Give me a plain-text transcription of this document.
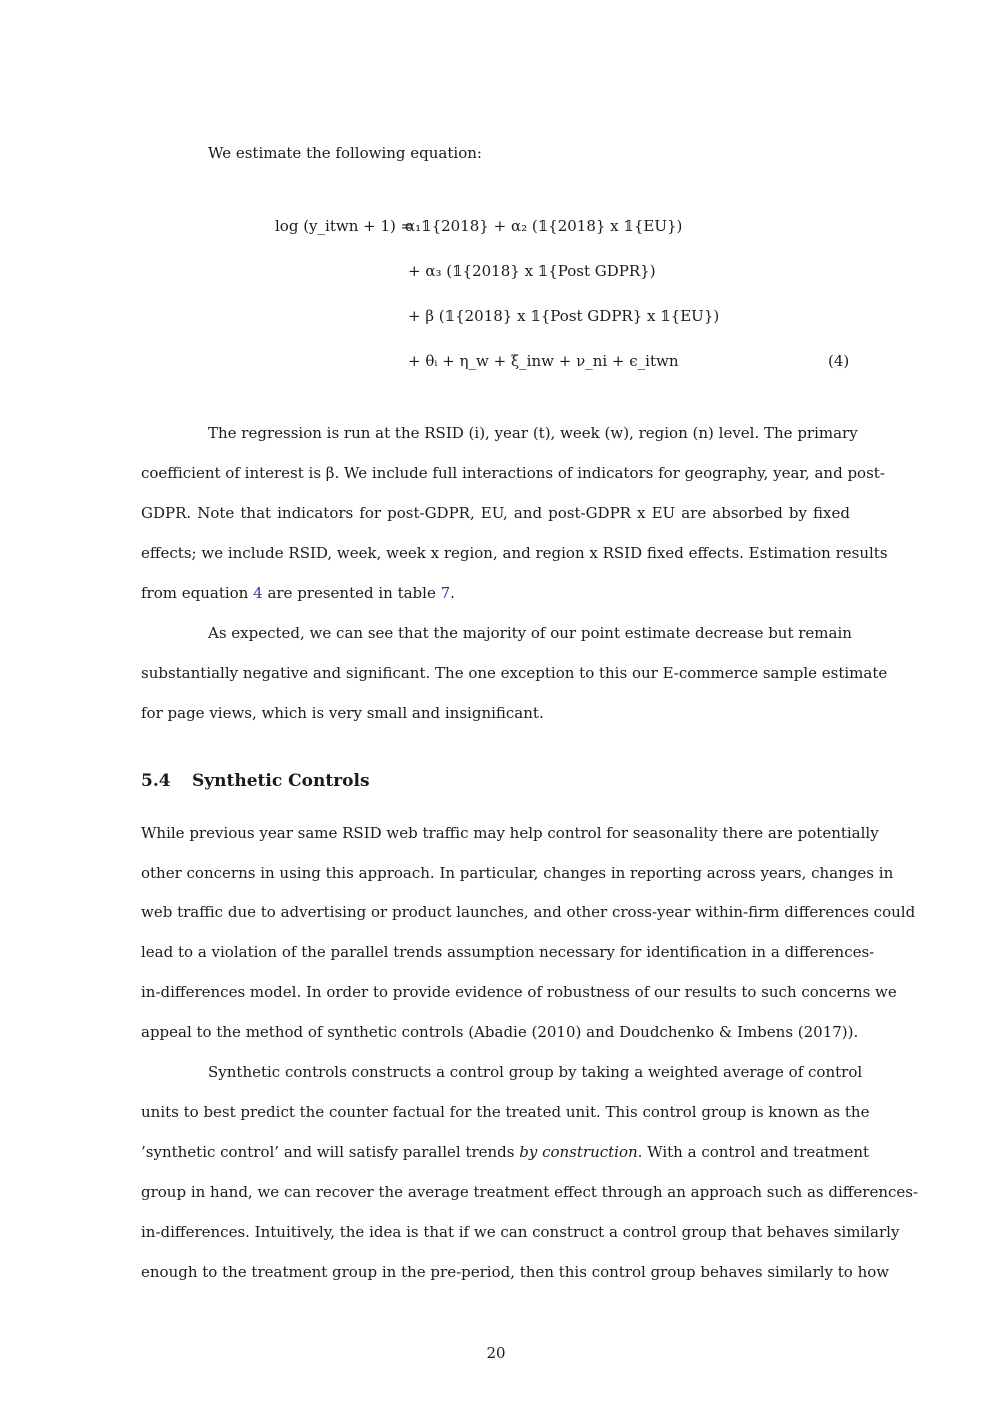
We estimate the following equation:
log (y_itwn + 1) =
α₁𝟙{2018} + α₂ (𝟙{2018} x 𝟙{EU})
+ α₃ (𝟙{2018} x 𝟙{Post GDPR})
+ β (𝟙{2018} x 𝟙{Post GDPR} x 𝟙{EU})
+ θᵢ + η_w + ξ_inw + ν_ni + ϵ_itwn	(4)
The regression is run at the RSID (i), year (t), week (w), region (n) level. The primary
coefficient of interest is β. We include full interactions of indicators for geography, year, and post-
GDPR. Note that indicators for post-GDPR, EU, and post-GDPR x EU are absorbed by fixed
effects; we include RSID, week, week x region, and region x RSID fixed effects. Estimation results
from equation 4 are presented in table 7.
As expected, we can see that the majority of our point estimate decrease but remain
substantially negative and significant. The one exception to this our E-commerce sample estimate
for page views, which is very small and insignificant.
5.4 Synthetic Controls
While previous year same RSID web traffic may help control for seasonality there are potentially
other concerns in using this approach. In particular, changes in reporting across years, changes in
web traffic due to advertising or product launches, and other cross-year within-firm differences could
lead to a violation of the parallel trends assumption necessary for identification in a differences-
in-differences model. In order to provide evidence of robustness of our results to such concerns we
appeal to the method of synthetic controls (Abadie (2010) and Doudchenko & Imbens (2017)).
Synthetic controls constructs a control group by taking a weighted average of control
units to best predict the counter factual for the treated unit. This control group is known as the
’synthetic control’ and will satisfy parallel trends by construction. With a control and treatment
group in hand, we can recover the average treatment effect through an approach such as differences-
in-differences. Intuitively, the idea is that if we can construct a control group that behaves similarly
enough to the treatment group in the pre-period, then this control group behaves similarly to how
20
